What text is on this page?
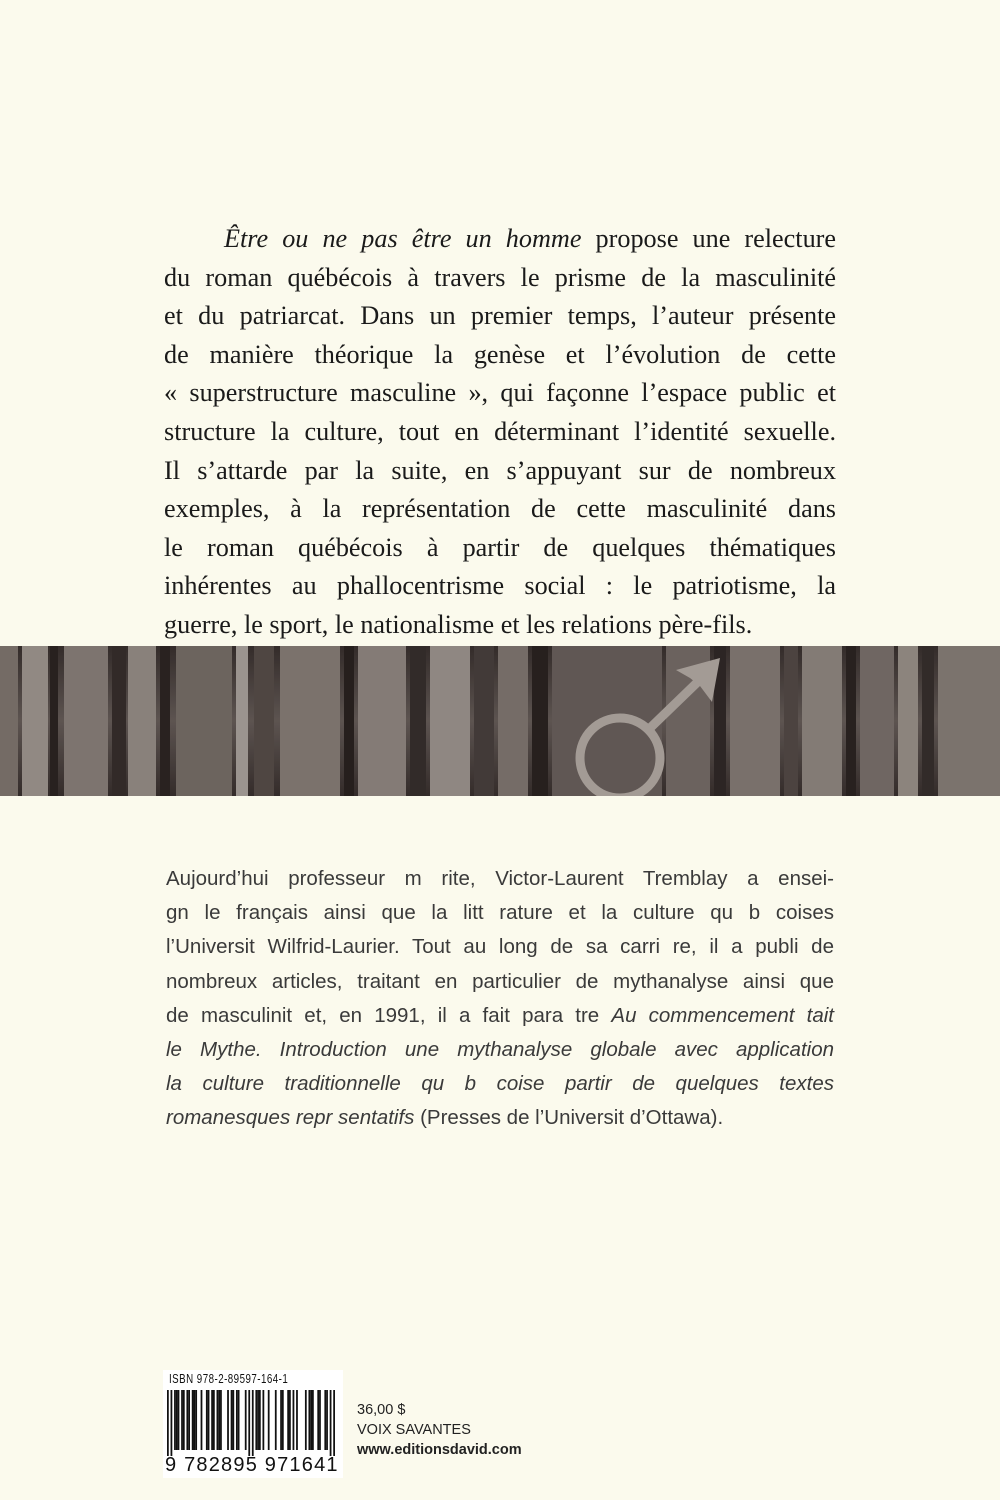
Être ou ne pas être un homme propose une relecture
du roman québécois à travers le prisme de la masculinité
et du patriarcat. Dans un premier temps, l’auteur présente
de manière théorique la genèse et l’évolution de cette
« superstructure masculine », qui façonne l’espace public et
structure la culture, tout en déterminant l’identité sexuelle.
Il s’attarde par la suite, en s’appuyant sur de nombreux
exemples, à la représentation de cette masculinité dans
le roman québécois à partir de quelques thématiques
inhérentes au phallocentrisme social : le patriotisme, la
guerre, le sport, le nationalisme et les relations père-fils.
Aujourd’hui professeur m rite, Victor-Laurent Tremblay a ensei-
gn le français ainsi que la litt rature et la culture qu b coises
l’Universit Wilfrid-Laurier. Tout au long de sa carri re, il a publi de
nombreux articles, traitant en particulier de mythanalyse ainsi que
de masculinit et, en 1991, il a fait para tre Au commencement tait
le Mythe. Introduction une mythanalyse globale avec application
la culture traditionnelle qu b coise partir de quelques textes
romanesques repr sentatifs (Presses de l’Universit d’Ottawa).
ISBN 978-2-89597-164-1
9 782895 971641
36,00 $
VOIX SAVANTES
www.editionsdavid.com
